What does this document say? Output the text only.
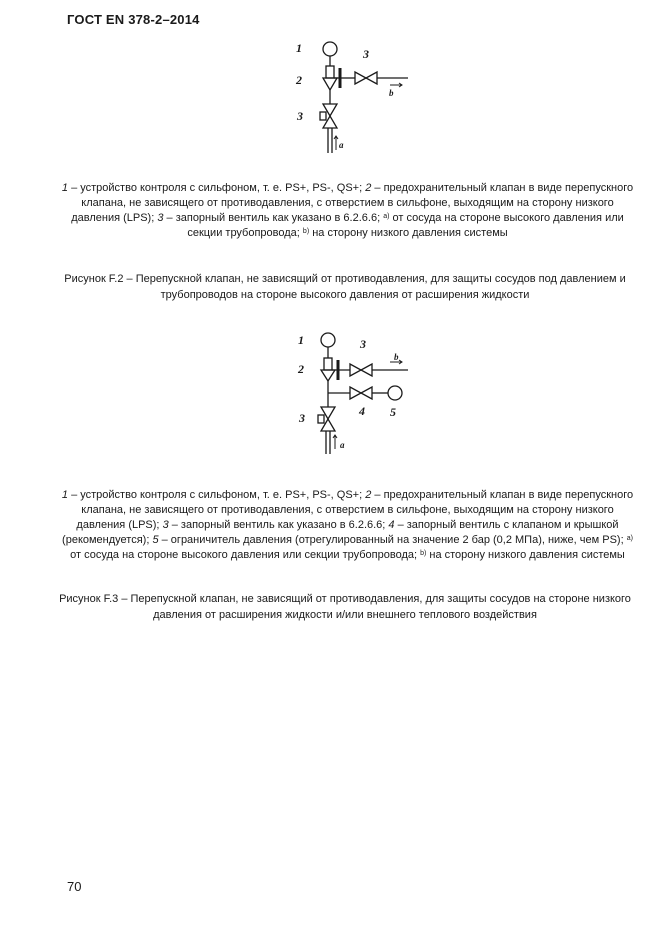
ГОСТ EN 378-2–2014
1
2
3
3
a
b
1 – устройство контроля с сильфоном, т. е. PS+, PS-, QS+; 2 – предохранительный клапан в виде перепускного клапана, не зависящего от противодавления, с отверстием в сильфоне, выходящим на сторону низкого давления (LPS); 3 – запорный вентиль как указано в 6.2.6.6; $^{а)}$ от сосуда на стороне высокого давления или секции трубопровода; $^{b)}$ на сторону низкого давления системы
Рисунок F.2 – Перепускной клапан, не зависящий от противодавления, для защиты сосудов под давлением и трубопроводов на стороне высокого давления от расширения жидкости
1
2
3
3	4 5
a
b
1 – устройство контроля с сильфоном, т. е. PS+, PS-, QS+; 2 – предохранительный клапан в виде перепускного клапана, не зависящего от противодавления, с отверстием в сильфоне, выходящим на сторону низкого давления (LPS); 3 – запорный вентиль как указано в 6.2.6.6; 4 – запорный вентиль с клапаном и крышкой (рекомендуется); 5 – ограничитель давления (отрегулированный на значение 2 бар (0,2 МПа), ниже, чем PS); $^{а)}$ от сосуда на стороне высокого давления или секции трубопровода; $^{b)}$ на сторону низкого давления системы
Рисунок F.3 – Перепускной клапан, не зависящий от противодавления, для защиты сосудов на стороне низкого давления от расширения жидкости и/или внешнего теплового воздействия
70
